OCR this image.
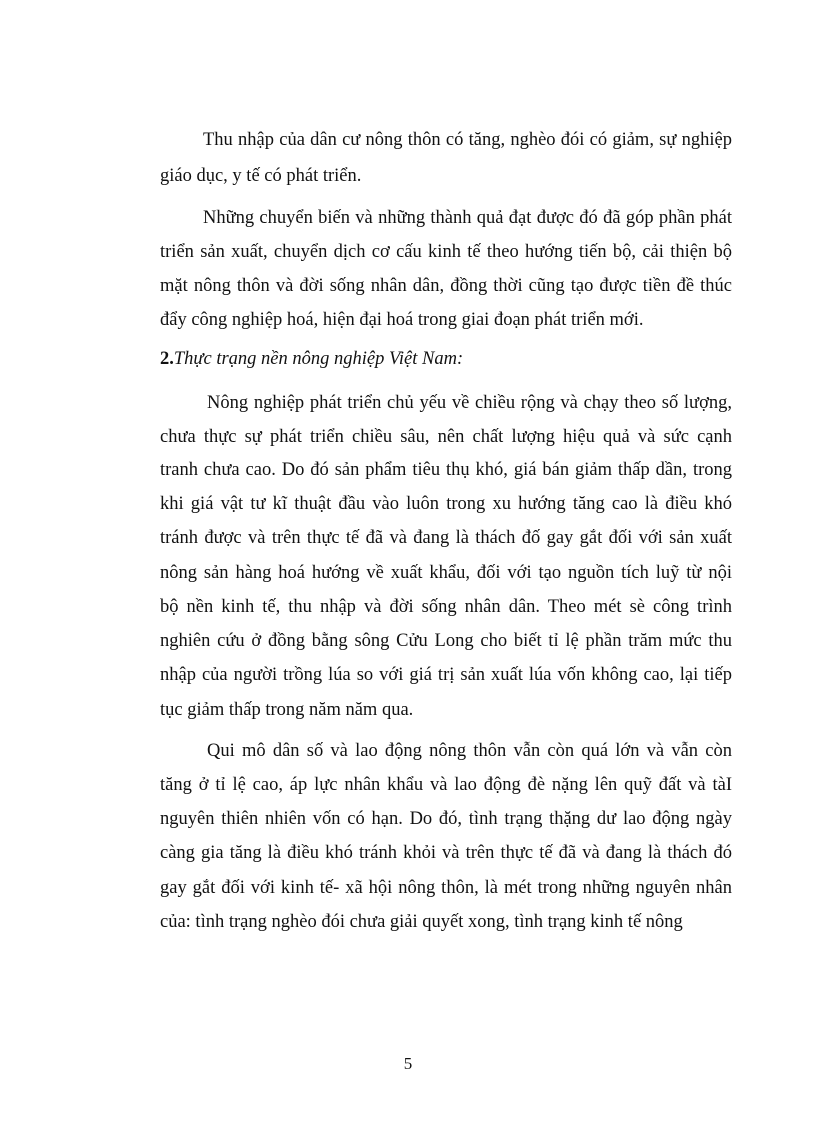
Thu nhập của dân cư nông thôn có tăng, nghèo đói có giảm, sự nghiệp

giáo dục, y tế có phát triển.

Những chuyển biến và những thành quả đạt được đó đã góp phần phát

triển sản xuất, chuyển dịch cơ cấu kinh tế theo hướng tiến bộ, cải thiện bộ

mặt nông thôn và đời sống nhân dân, đồng thời cũng tạo được tiền đề thúc

đẩy công nghiệp hoá, hiện đại hoá trong giai đoạn phát triển mới.

2.Thực trạng nền nông nghiệp Việt Nam:

Nông nghiệp phát triển chủ yếu về chiều rộng và chạy theo số lượng,

chưa thực sự phát triển chiều sâu, nên chất lượng hiệu quả và sức cạnh

tranh chưa cao. Do đó sản phẩm tiêu thụ khó, giá bán giảm thấp dần, trong

khi giá vật tư kĩ thuật đầu vào luôn trong xu hướng tăng cao là điều khó

tránh được và trên thực tế đã và đang là thách đố gay gắt đối với sản xuất

nông sản hàng hoá hướng về xuất khẩu, đối với tạo nguồn tích luỹ từ nội

bộ nền kinh tế, thu nhập và đời sống nhân dân. Theo mét sè công trình

nghiên cứu ở đồng bằng sông Cửu Long cho biết tỉ lệ phần trăm mức thu

nhập của người trồng lúa so với giá trị sản xuất lúa vốn không cao, lại tiếp

tục giảm thấp trong năm năm qua.

Qui mô dân số và lao động nông thôn vẫn còn quá lớn và vẫn còn

tăng ở tỉ lệ cao, áp lực nhân khẩu và lao động đè nặng lên quỹ đất và tàI

nguyên thiên nhiên vốn có hạn. Do đó, tình trạng thặng dư lao động ngày

càng gia tăng là điều khó tránh khỏi và trên thực tế đã và đang là thách đó

gay gắt đối với kinh tế- xã hội nông thôn, là mét trong những nguyên nhân

của: tình trạng nghèo đói chưa giải quyết xong, tình trạng kinh tế nông

5
